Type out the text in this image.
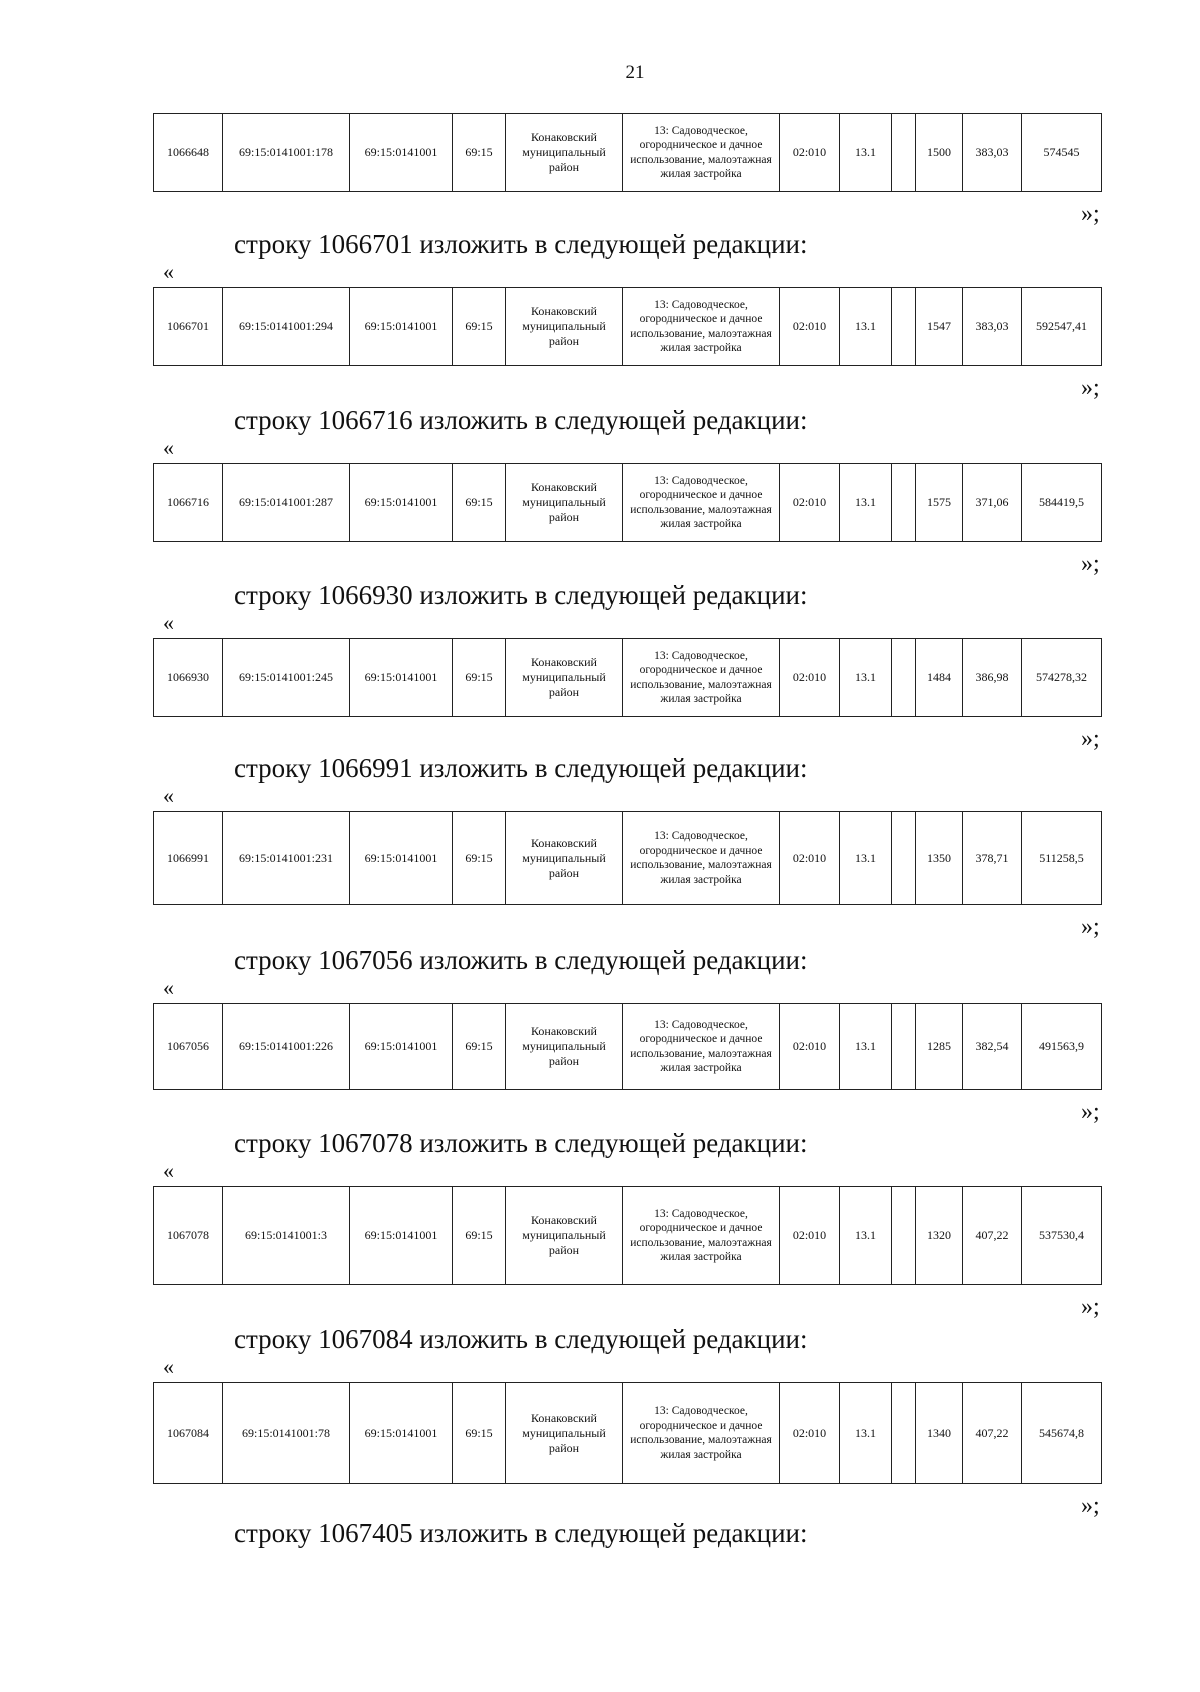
21
1066648	69:15:0141001:178	69:15:0141001	69:15	Конаковский муниципальный район	13: Садоводческое, огородническое и дачное использование, малоэтажная жилая застройка	02:010	13.1		1500	383,03	574545
»;
строку 1066701 изложить в следующей редакции:
«
1066701	69:15:0141001:294	69:15:0141001	69:15	Конаковский муниципальный район	13: Садоводческое, огородническое и дачное использование, малоэтажная жилая застройка	02:010	13.1		1547	383,03	592547,41
»;
строку 1066716 изложить в следующей редакции:
«
1066716	69:15:0141001:287	69:15:0141001	69:15	Конаковский муниципальный район	13: Садоводческое, огородническое и дачное использование, малоэтажная жилая застройка	02:010	13.1		1575	371,06	584419,5
»;
строку 1066930 изложить в следующей редакции:
«
1066930	69:15:0141001:245	69:15:0141001	69:15	Конаковский муниципальный район	13: Садоводческое, огородническое и дачное использование, малоэтажная жилая застройка	02:010	13.1		1484	386,98	574278,32
»;
строку 1066991 изложить в следующей редакции:
«
1066991	69:15:0141001:231	69:15:0141001	69:15	Конаковский муниципальный район	13: Садоводческое, огородническое и дачное использование, малоэтажная жилая застройка	02:010	13.1		1350	378,71	511258,5
»;
строку 1067056 изложить в следующей редакции:
«
1067056	69:15:0141001:226	69:15:0141001	69:15	Конаковский муниципальный район	13: Садоводческое, огородническое и дачное использование, малоэтажная жилая застройка	02:010	13.1		1285	382,54	491563,9
»;
строку 1067078 изложить в следующей редакции:
«
1067078	69:15:0141001:3	69:15:0141001	69:15	Конаковский муниципальный район	13: Садоводческое, огородническое и дачное использование, малоэтажная жилая застройка	02:010	13.1		1320	407,22	537530,4
»;
строку 1067084 изложить в следующей редакции:
«
1067084	69:15:0141001:78	69:15:0141001	69:15	Конаковский муниципальный район	13: Садоводческое, огородническое и дачное использование, малоэтажная жилая застройка	02:010	13.1		1340	407,22	545674,8
»;
строку 1067405 изложить в следующей редакции:
